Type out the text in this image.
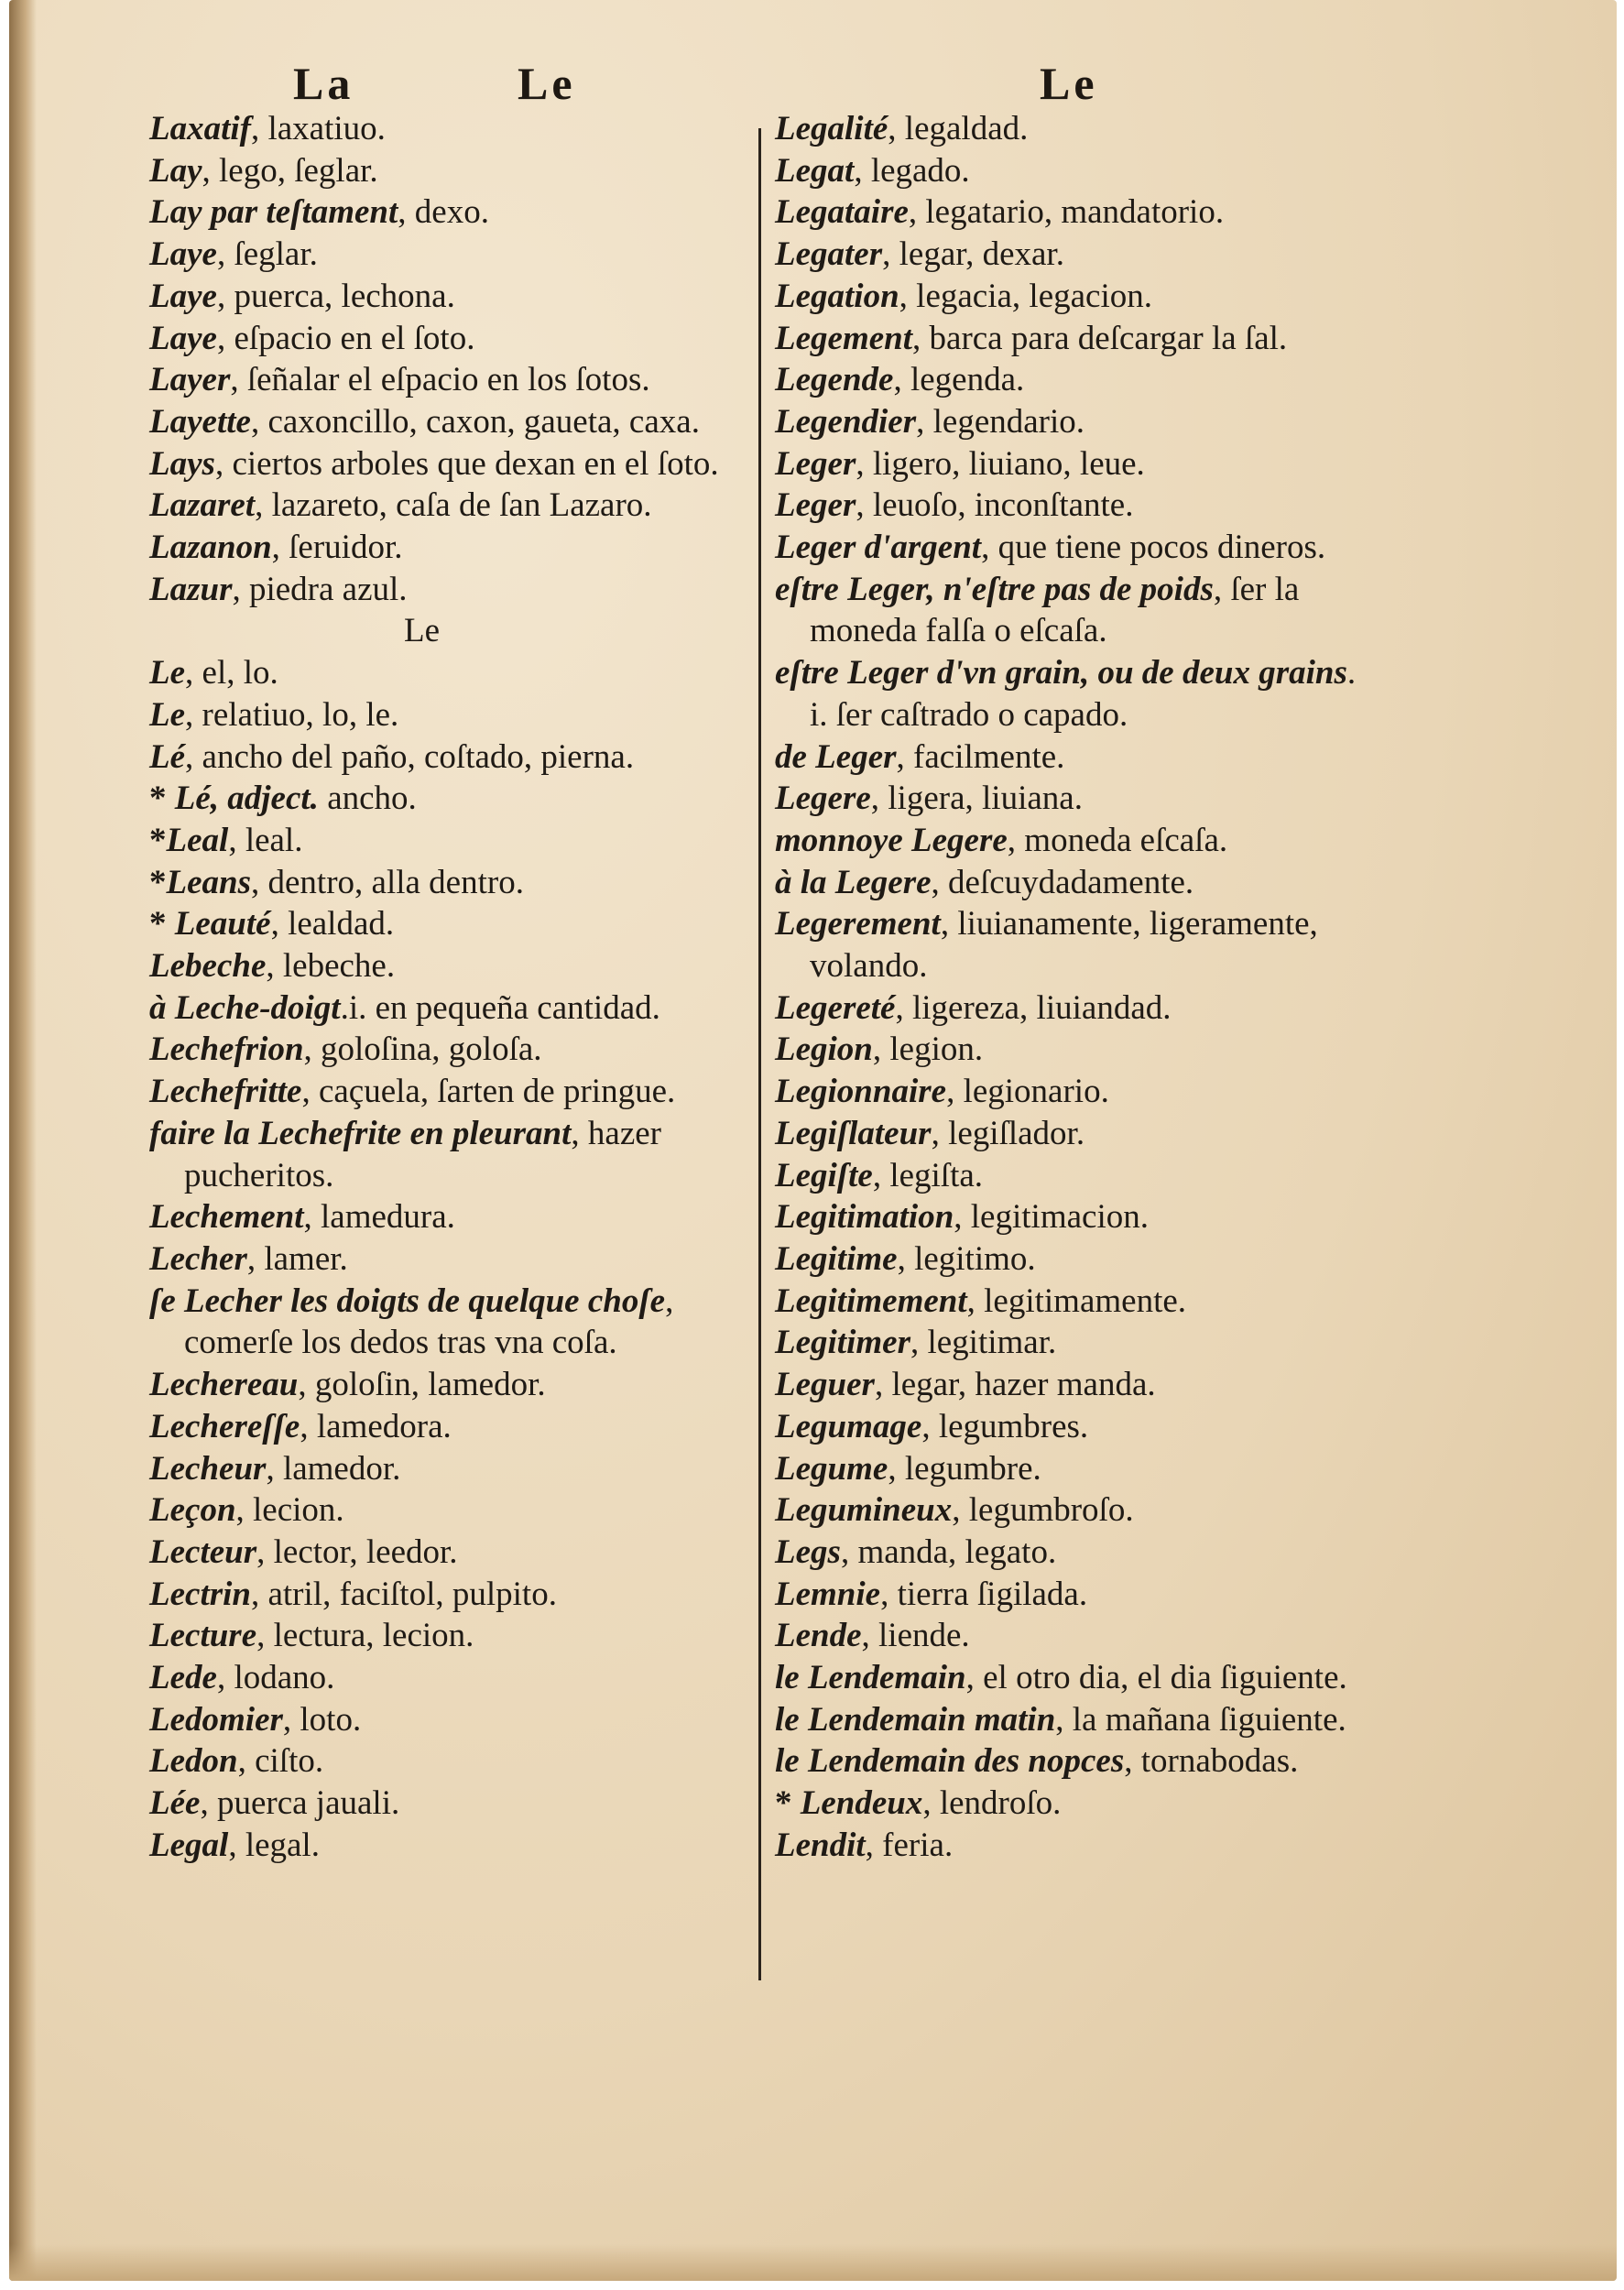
La	Le	Le
Laxatif, laxatiuo.
Lay, lego, ſeglar.
Lay par teſtament, dexo.
Laye, ſeglar.
Laye, puerca, lechona.
Laye, eſpacio en el ſoto.
Layer, ſeñalar el eſpacio en los ſotos.
Layette, caxoncillo, caxon, gaueta, caxa.
Lays, ciertos arboles que dexan en el ſoto.
Lazaret, lazareto, caſa de ſan Lazaro.
Lazanon, ſeruidor.
Lazur, piedra azul.
Le
Le, el, lo.
Le, relatiuo, lo, le.
Lé, ancho del paño, coſtado, pierna.
* Lé, adject. ancho.
*Leal, leal.
*Leans, dentro, alla dentro.
* Leauté, lealdad.
Lebeche, lebeche.
à Leche-doigt.i. en pequeña cantidad.
Lechefrion, goloſina, goloſa.
Lechefritte, caçuela, ſarten de pringue.
faire la Lechefrite en pleurant, hazer pucheritos.
Lechement, lamedura.
Lecher, lamer.
ſe Lecher les doigts de quelque choſe, comerſe los dedos tras vna coſa.
Lechereau, goloſin, lamedor.
Lechereſſe, lamedora.
Lecheur, lamedor.
Leçon, lecion.
Lecteur, lector, leedor.
Lectrin, atril, faciſtol, pulpito.
Lecture, lectura, lecion.
Lede, lodano.
Ledomier, loto.
Ledon, ciſto.
Lée, puerca jauali.
Legal, legal.
Legalité, legaldad.
Legat, legado.
Legataire, legatario, mandatorio.
Legater, legar, dexar.
Legation, legacia, legacion.
Legement, barca para deſcargar la ſal.
Legende, legenda.
Legendier, legendario.
Leger, ligero, liuiano, leue.
Leger, leuoſo, inconſtante.
Leger d'argent, que tiene pocos dineros.
eſtre Leger, n'eſtre pas de poids, ſer la moneda falſa o eſcaſa.
eſtre Leger d'vn grain, ou de deux grains. i. ſer caſtrado o capado.
de Leger, facilmente.
Legere, ligera, liuiana.
monnoye Legere, moneda eſcaſa.
à la Legere, deſcuydadamente.
Legerement, liuianamente, ligeramente, volando.
Legereté, ligereza, liuiandad.
Legion, legion.
Legionnaire, legionario.
Legiſlateur, legiſlador.
Legiſte, legiſta.
Legitimation, legitimacion.
Legitime, legitimo.
Legitimement, legitimamente.
Legitimer, legitimar.
Leguer, legar, hazer manda.
Legumage, legumbres.
Legume, legumbre.
Legumineux, legumbroſo.
Legs, manda, legato.
Lemnie, tierra ſigilada.
Lende, liende.
le Lendemain, el otro dia, el dia ſiguiente.
le Lendemain matin, la mañana ſiguiente.
le Lendemain des nopces, tornabodas.
* Lendeux, lendroſo.
Lendit, feria.
